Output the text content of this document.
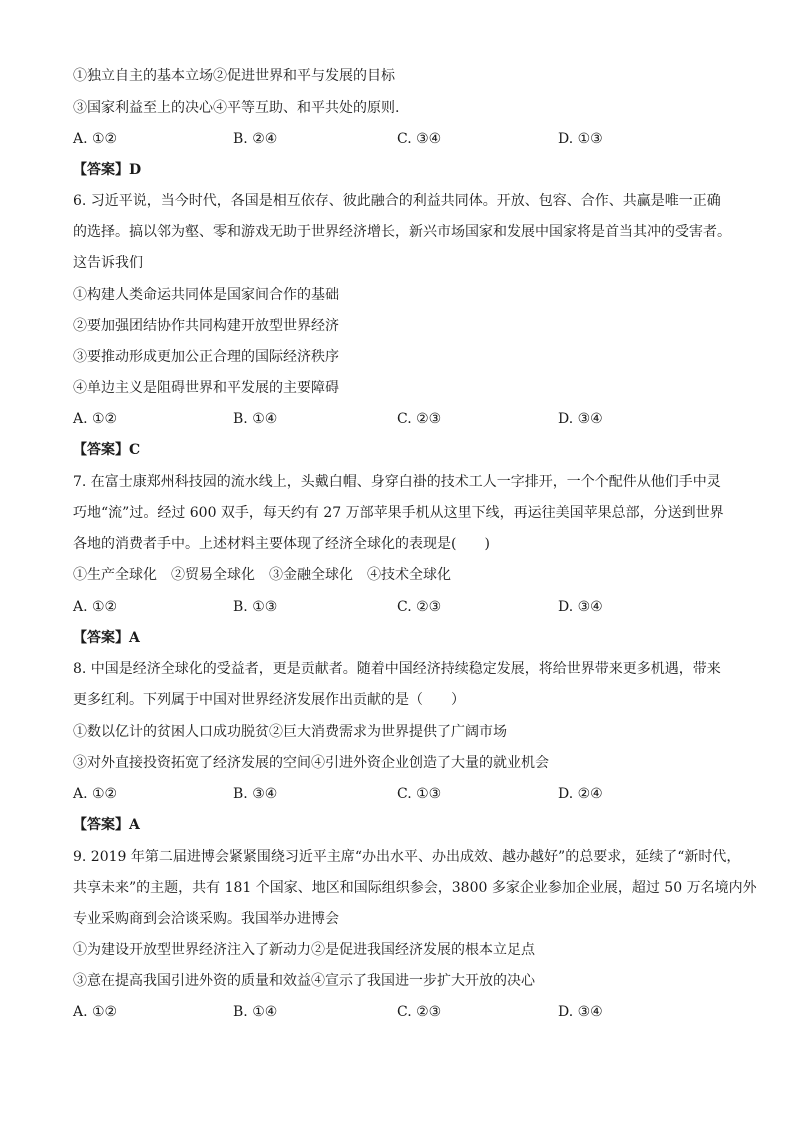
①独立自主的基本立场②促进世界和平与发展的目标
③国家利益至上的决心④平等互助、和平共处的原则.
A. ①②	B. ②④	C. ③④	D. ①③
【答案】D
6. 习近平说，当今时代，各国是相互依存、彼此融合的利益共同体。开放、包容、合作、共赢是唯一正确
的选择。搞以邻为壑、零和游戏无助于世界经济增长，新兴市场国家和发展中国家将是首当其冲的受害者。
这告诉我们
①构建人类命运共同体是国家间合作的基础
②要加强团结协作共同构建开放型世界经济
③要推动形成更加公正合理的国际经济秩序
④单边主义是阻碍世界和平发展的主要障碍
A. ①②	B. ①④	C. ②③	D. ③④
【答案】C
7. 在富士康郑州科技园的流水线上，头戴白帽、身穿白褂的技术工人一字排开，一个个配件从他们手中灵
巧地“流”过。经过 600 双手，每天约有 27 万部苹果手机从这里下线，再运往美国苹果总部，分送到世界
各地的消费者手中。上述材料主要体现了经济全球化的表现是(　　)
①生产全球化　②贸易全球化　③金融全球化　④技术全球化
A. ①②	B. ①③	C. ②③	D. ③④
【答案】A
8. 中国是经济全球化的受益者，更是贡献者。随着中国经济持续稳定发展，将给世界带来更多机遇，带来
更多红利。下列属于中国对世界经济发展作出贡献的是（　　）
①数以亿计的贫困人口成功脱贫②巨大消费需求为世界提供了广阔市场
③对外直接投资拓宽了经济发展的空间④引进外资企业创造了大量的就业机会
A. ①②	B. ③④	C. ①③	D. ②④
【答案】A
9. 2019 年第二届进博会紧紧围绕习近平主席“办出水平、办出成效、越办越好”的总要求，延续了“新时代，
共享未来”的主题，共有 181 个国家、地区和国际组织参会，3800 多家企业参加企业展，超过 50 万名境内外
专业采购商到会洽谈采购。我国举办进博会
①为建设开放型世界经济注入了新动力②是促进我国经济发展的根本立足点
③意在提高我国引进外资的质量和效益④宣示了我国进一步扩大开放的决心
A. ①②	B. ①④	C. ②③	D. ③④
